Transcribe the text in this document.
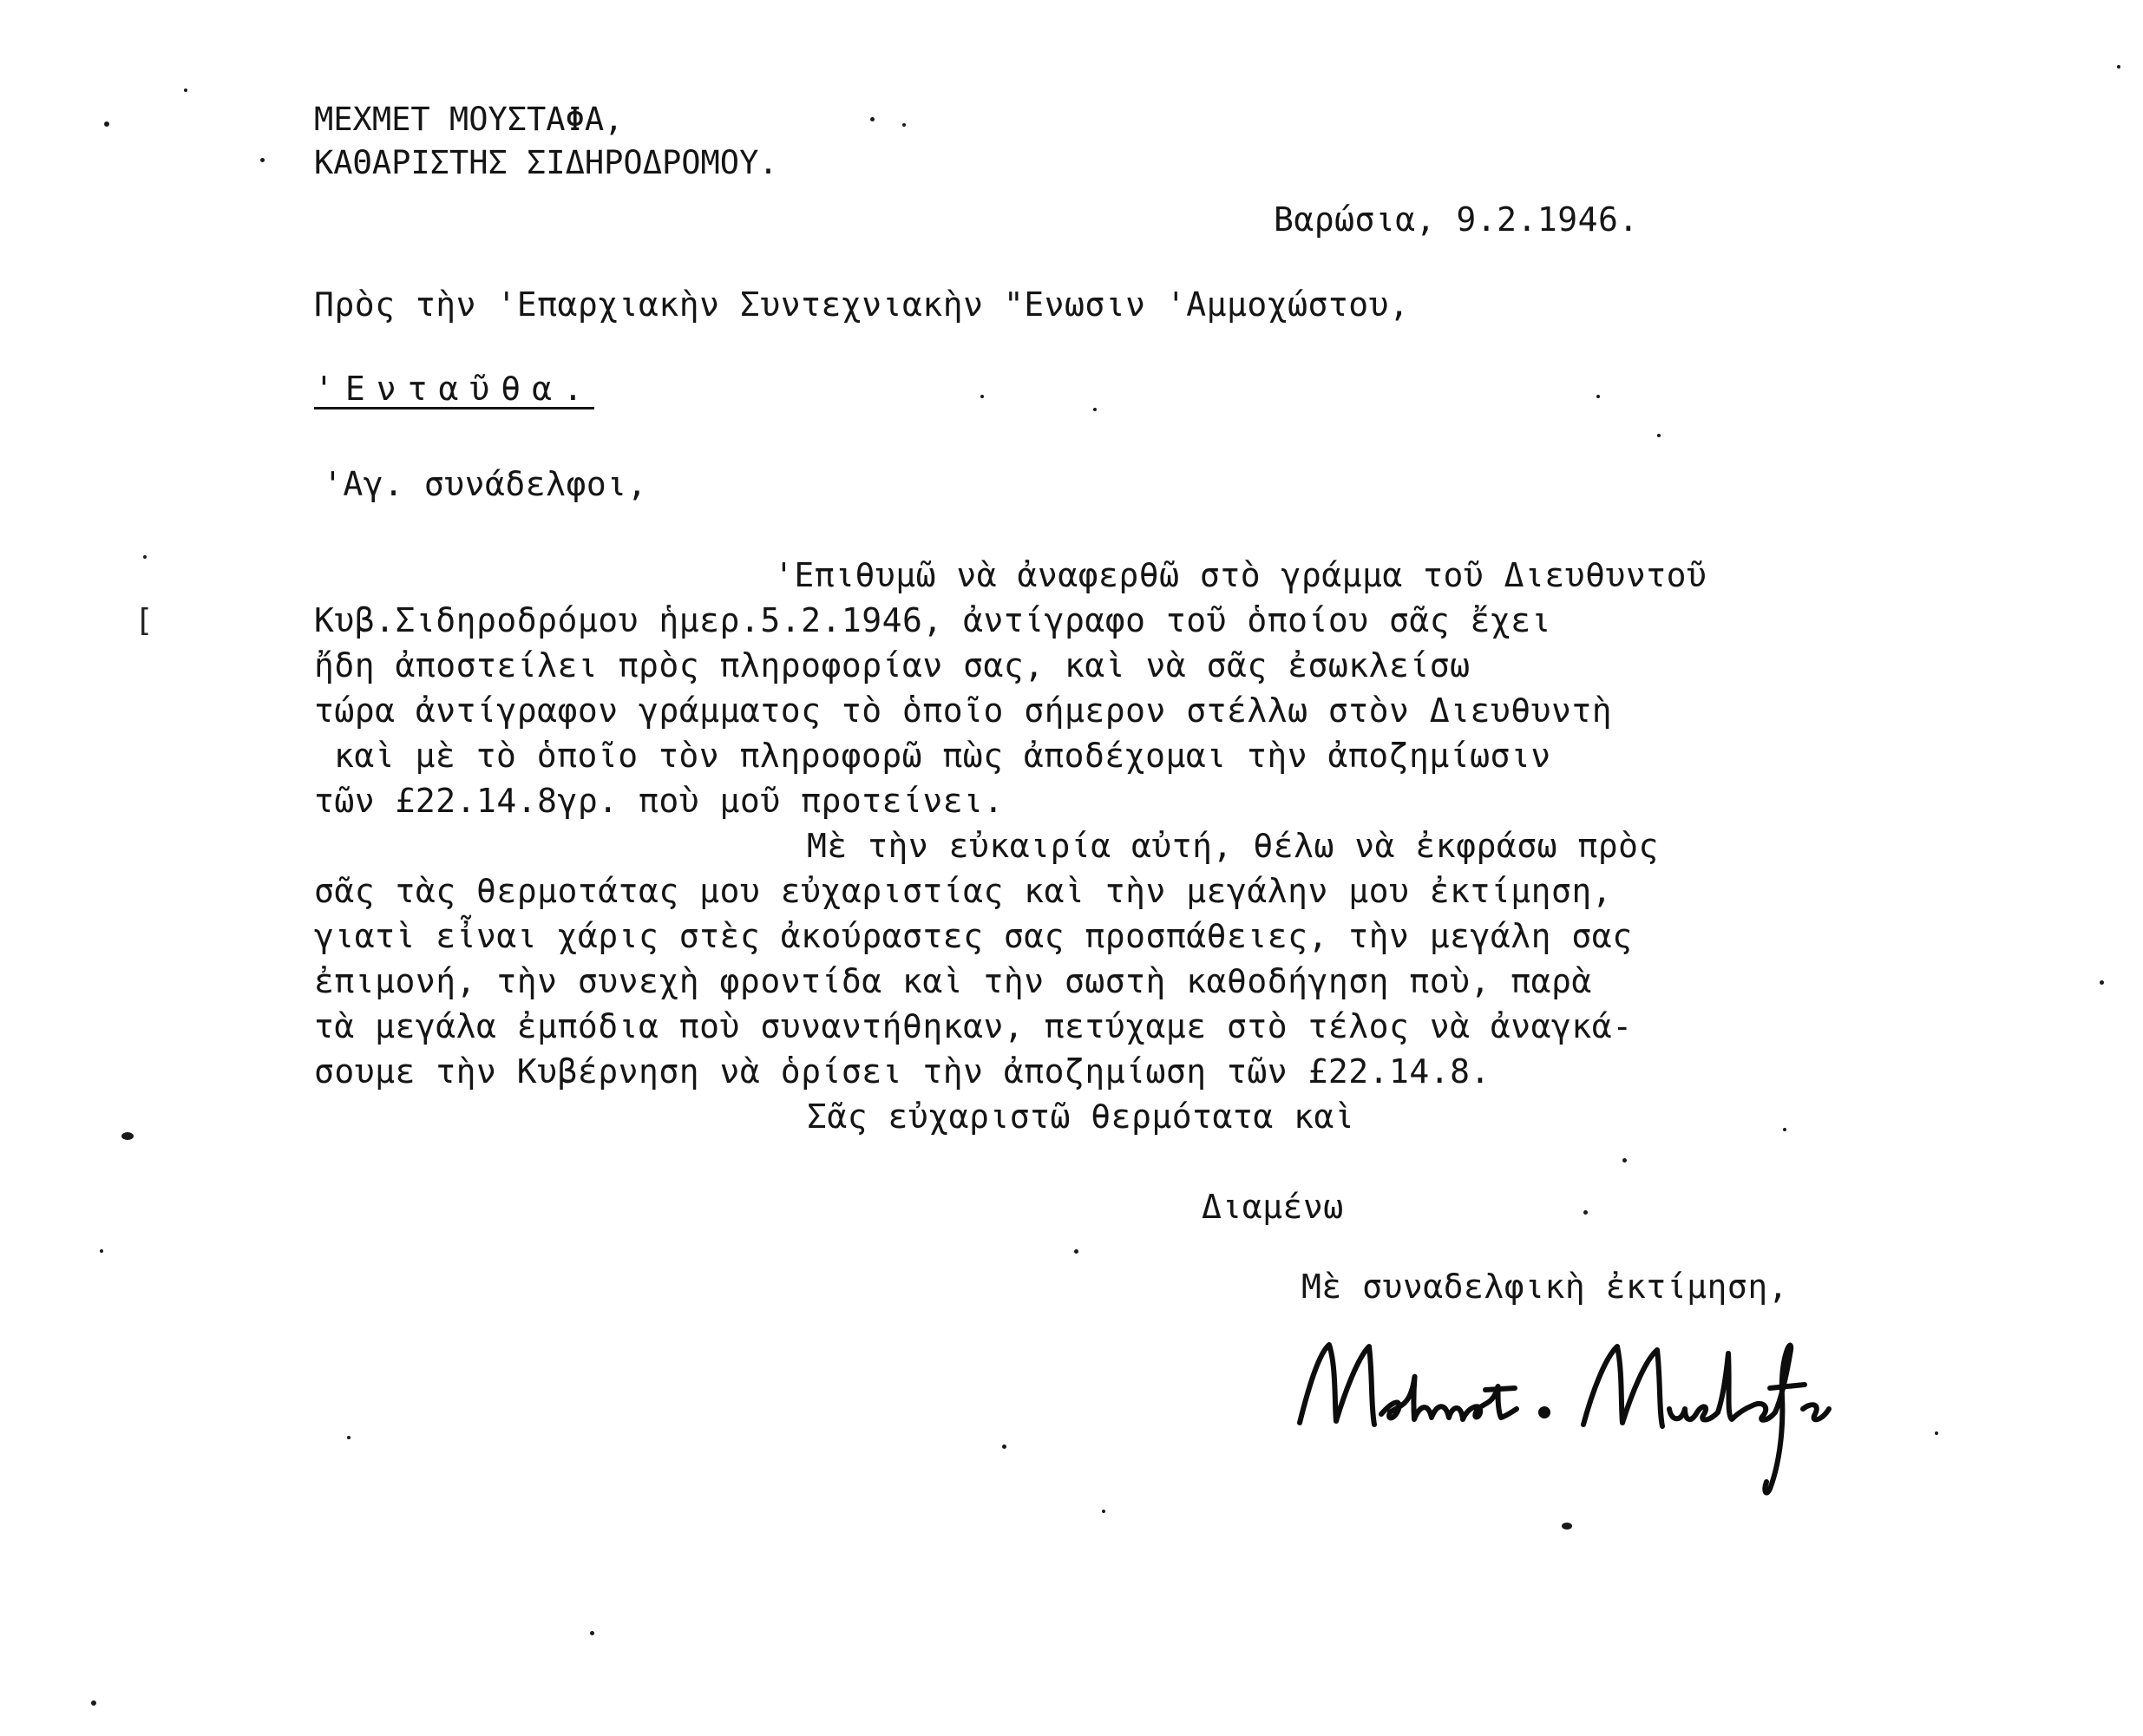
ΜΕΧΜΕΤ ΜΟΥΣΤΑΦΑ,
ΚΑΘΑΡΙΣΤΗΣ ΣΙΔΗΡΟΔΡΟΜΟΥ.
Βαρώσια, 9.2.1946.
Πρὸς τὴν 'Επαρχιακὴν Συντεχνιακὴν "Ενωσιν 'Αμμοχώστου,
'Ενταῦθα.
'Αγ. συνάδελφοι,
[
'Επιθυμῶ νὰ ἀναφερθῶ στὸ γράμμα τοῦ Διευθυντοῦ
Κυβ.Σιδηροδρόμου ἡμερ.5.2.1946, ἀντίγραφο τοῦ ὁποίου σᾶς ἔχει
ἤδη ἀποστείλει πρὸς πληροφορίαν σας, καὶ νὰ σᾶς ἐσωκλείσω
τώρα ἀντίγραφον γράμματος τὸ ὁποῖο σήμερον στέλλω στὸν Διευθυντὴ
καὶ μὲ τὸ ὁποῖο τὸν πληροφορῶ πὼς ἀποδέχομαι τὴν ἀποζημίωσιν
τῶν £22.14.8γρ. ποὺ μοῦ προτείνει.
Μὲ τὴν εὐκαιρία αὐτή, θέλω νὰ ἐκφράσω πρὸς
σᾶς τὰς θερμοτάτας μου εὐχαριστίας καὶ τὴν μεγάλην μου ἐκτίμηση,
γιατὶ εἶναι χάρις στὲς ἀκούραστες σας προσπάθειες, τὴν μεγάλη σας
ἐπιμονή, τὴν συνεχὴ φροντίδα καὶ τὴν σωστὴ καθοδήγηση ποὺ, παρὰ
τὰ μεγάλα ἐμπόδια ποὺ συναντήθηκαν, πετύχαμε στὸ τέλος νὰ ἀναγκά-
σουμε τὴν Κυβέρνηση νὰ ὁρίσει τὴν ἀποζημίωση τῶν £22.14.8.
Σᾶς εὐχαριστῶ θερμότατα καὶ
Διαμένω
Μὲ συναδελφικὴ ἐκτίμηση,
